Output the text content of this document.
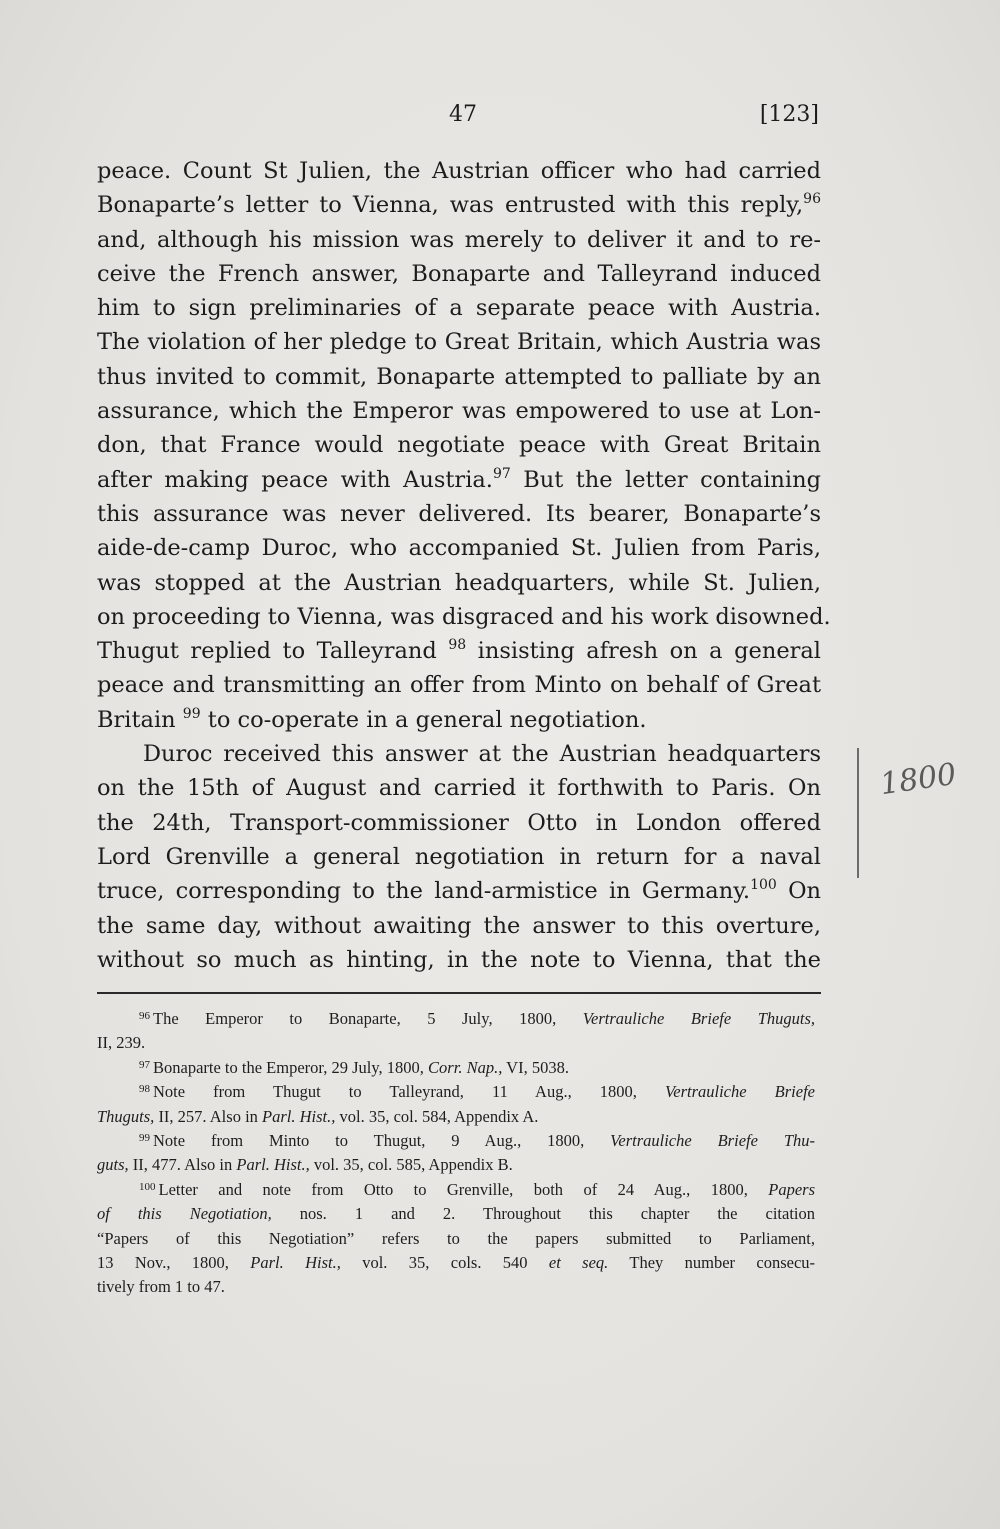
47	[123]
peace. Count St Julien, the Austrian officer who had carried
Bonaparte’s letter to Vienna, was entrusted with this reply,$^{96}$
and, although his mission was merely to deliver it and to re-
ceive the French answer, Bonaparte and Talleyrand induced
him to sign preliminaries of a separate peace with Austria.
The violation of her pledge to Great Britain, which Austria was
thus invited to commit, Bonaparte attempted to palliate by an
assurance, which the Emperor was empowered to use at Lon-
don, that France would negotiate peace with Great Britain
after making peace with Austria.$^{97}$ But the letter containing
this assurance was never delivered. Its bearer, Bonaparte’s
aide-de-camp Duroc, who accompanied St. Julien from Paris,
was stopped at the Austrian headquarters, while St. Julien,
on proceeding to Vienna, was disgraced and his work disowned.
Thugut replied to Talleyrand $^{98}$ insisting afresh on a general
peace and transmitting an offer from Minto on behalf of Great
Britain $^{99}$ to co-operate in a general negotiation.
Duroc received this answer at the Austrian headquarters
on the 15th of August and carried it forthwith to Paris. On
the 24th, Transport-commissioner Otto in London offered
Lord Grenville a general negotiation in return for a naval
truce, corresponding to the land-armistice in Germany.$^{100}$ On
the same day, without awaiting the answer to this overture,
without so much as hinting, in the note to Vienna, that the
$^{96}$ The Emperor to Bonaparte, 5 July, 1800, Vertrauliche Briefe Thuguts,
II, 239.
$^{97}$ Bonaparte to the Emperor, 29 July, 1800, Corr. Nap., VI, 5038.
$^{98}$ Note from Thugut to Talleyrand, 11 Aug., 1800, Vertrauliche Briefe
Thuguts, II, 257. Also in Parl. Hist., vol. 35, col. 584, Appendix A.
$^{99}$ Note from Minto to Thugut, 9 Aug., 1800, Vertrauliche Briefe Thu-
guts, II, 477. Also in Parl. Hist., vol. 35, col. 585, Appendix B.
$^{100}$ Letter and note from Otto to Grenville, both of 24 Aug., 1800, Papers
of this Negotiation, nos. 1 and 2. Throughout this chapter the citation
“Papers of this Negotiation” refers to the papers submitted to Parliament,
13 Nov., 1800, Parl. Hist., vol. 35, cols. 540 et seq. They number consecu-
tively from 1 to 47.
1800
